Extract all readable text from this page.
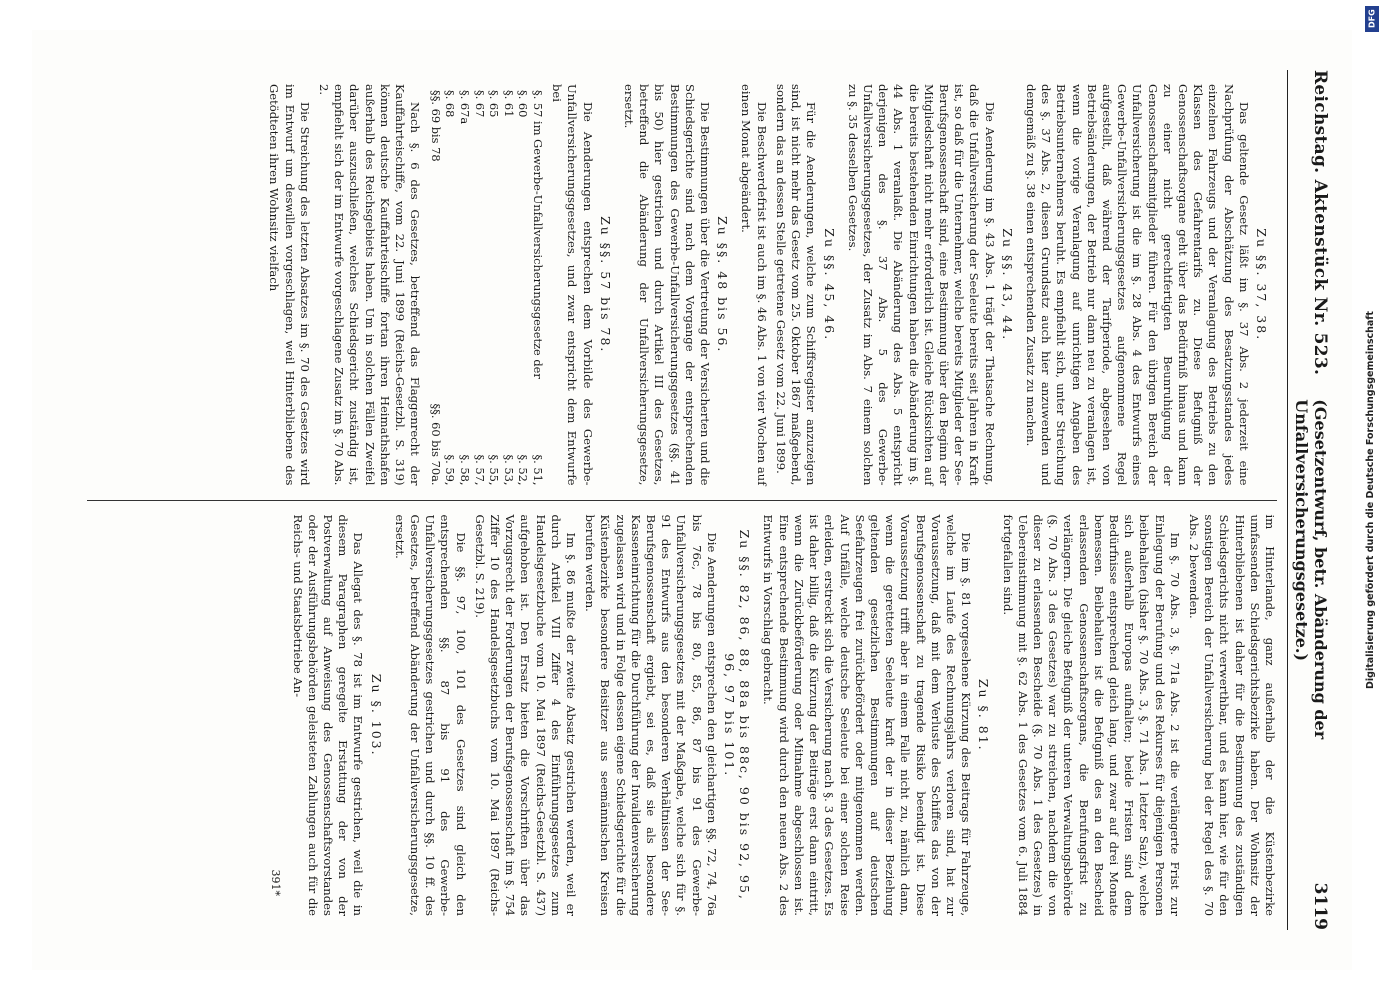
DFG
Digitalisierung gefördert durch die Deutsche Forschungsgemeinschaft
Reichstag. Aktenstück Nr. 523.
(Gesetzentwurf, betr. Abänderung der Unfallversicherungsgesetze.)
3119
Zu §§. 37, 38.

Das geltende Gesetz läßt im §. 37 Abs. 2 jederzeit eine Nachprüfung der Abschätzung des Besatzungsstandes jedes einzelnen Fahrzeugs und der Veranlagung des Betriebs zu den Klassen des Gefahrentarifs zu. Diese Befugniß der Genossenschaftsorgane geht über das Bedürfniß hinaus und kann zu einer nicht gerechtfertigten Beunruhigung der Genossenschaftsmitglieder führen. Für den übrigen Bereich der Unfallversicherung ist die im §. 28 Abs. 4 des Entwurfs eines Gewerbe-Unfallversicherungsgesetzes aufgenommene Regel aufgestellt, daß während der Tarifperiode, abgesehen von Betriebsänderungen, der Betrieb nur dann neu zu veranlagen ist, wenn die vorige Veranlagung auf unrichtigen Angaben des Betriebsunternehmers beruht. Es empfiehlt sich, unter Streichung des §. 37 Abs. 2, diesen Grundsatz auch hier anzuwenden und demgemäß zu §. 38 einen entsprechenden Zusatz zu machen.

Zu §§. 43, 44.

Die Aenderung im §. 43 Abs. 1 trägt der Thatsache Rechnung, daß die Unfallversicherung der Seeleute bereits seit Jahren in Kraft ist, so daß für die Unternehmer, welche bereits Mitglieder der See-Berufsgenossenschaft sind, eine Bestimmung über den Beginn der Mitgliedschaft nicht mehr erforderlich ist. Gleiche Rücksichten auf die bereits bestehenden Einrichtungen haben die Abänderung im §. 44 Abs. 1 veranlaßt. Die Abänderung des Abs. 5 entspricht derjenigen des §. 37 Abs. 5 des Gewerbe-Unfallversicherungsgesetzes, der Zusatz im Abs. 7 einem solchen zu §. 35 desselben Gesetzes.

Zu §§. 45, 46.

Für die Aenderungen, welche zum Schiffsregister anzuzeigen sind, ist nicht mehr das Gesetz vom 25. Oktober 1867 maßgebend, sondern das an dessen Stelle getretene Gesetz vom 22. Juni 1899.

Die Beschwerdefrist ist auch im §. 46 Abs. 1 von vier Wochen auf einen Monat abgeändert.

Zu §§. 48 bis 56.

Die Bestimmungen über die Vertretung der Versicherten und die Schiedsgerichte sind nach dem Vorgange der entsprechenden Bestimmungen des Gewerbe-Unfallversicherungsgesetzes (§§. 41 bis 50) hier gestrichen und durch Artikel III des Gesetzes, betreffend die Abänderung der Unfallversicherungsgesetze, ersetzt.

Zu §§. 57 bis 78.

Die Aenderungen entsprechen dem Vorbilde des Gewerbe-Unfallversicherungsgesetzes, und zwar entspricht dem Entwurfe bei

§. 57 im Gewerbe-Unfallversicherungsgesetze der
§. 51,
§. 60
§. 52,
§. 61
§. 53,
§. 65
§. 55,
§. 67
§. 57,
§. 67a
§. 58,
§. 68
§. 59,
§§. 69 bis 78
§§. 60 bis 70a.

Nach §. 6 des Gesetzes, betreffend das Flaggenrecht der Kauffahrteischiffe, vom 22. Juni 1899 (Reichs-Gesetzbl. S. 319) können deutsche Kauffahrteischiffe fortan ihren Heimathshafen außerhalb des Reichsgebiets haben. Um in solchen Fällen Zweifel darüber auszuschließen, welches Schiedsgericht zuständig ist, empfiehlt sich der im Entwurfe vorgeschlagene Zusatz im §. 70 Abs. 2.

Die Streichung des letzten Absatzes im §. 70 des Gesetzes wird im Entwurf um deswillen vorgeschlagen, weil Hinterbliebene des Getödteten ihren Wohnsitz vielfach

im Hinterlande, ganz außerhalb der die Küstenbezirke umfassenden Schiedsgerichtsbezirke haben. Der Wohnsitz der Hinterbliebenen ist daher für die Bestimmung des zuständigen Schiedsgerichts nicht verwerthbar, und es kann hier, wie für den sonstigen Bereich der Unfallversicherung bei der Regel des §. 70 Abs. 2 bewenden.

Im §. 70 Abs. 3, §. 71a Abs. 2 ist die verlängerte Frist zur Einlegung der Berufung und des Rekurses für diejenigen Personen beibehalten (bisher §. 70 Abs. 3, §. 71 Abs. 1 letzter Satz), welche sich außerhalb Europas aufhalten; beide Fristen sind dem Bedürfnisse entsprechend gleich lang, und zwar auf drei Monate bemessen. Beibehalten ist die Befugniß des an den Bescheid erlassenden Genossenschaftsorgans, die Berufungsfrist zu verlängern. Die gleiche Befugniß der unteren Verwaltungsbehörde (§. 70 Abs. 3 des Gesetzes) war zu streichen, nachdem die von dieser zu erlassenden Bescheide (§. 70 Abs. 1 des Gesetzes) in Uebereinstimmung mit §. 62 Abs. 1 des Gesetzes vom 6. Juli 1884 fortgefallen sind.

Zu §. 81.

Die im §. 81 vorgesehene Kürzung des Beitrags für Fahrzeuge, welche im Laufe des Rechnungsjahrs verloren sind, hat zur Voraussetzung, daß mit dem Verluste des Schiffes das von der Berufsgenossenschaft zu tragende Risiko beendigt ist. Diese Voraussetzung trifft aber in einem Falle nicht zu, nämlich dann, wenn die geretteten Seeleute kraft der in dieser Beziehung geltenden gesetzlichen Bestimmungen auf deutschen Seefahrzeugen frei zurückbefördert oder mitgenommen werden. Auf Unfälle, welche deutsche Seeleute bei einer solchen Reise erleiden, erstreckt sich die Versicherung nach §. 3 des Gesetzes. Es ist daher billig, daß die Kürzung der Beiträge erst dann eintritt, wenn die Zurückbeförderung oder Mitnahme abgeschlossen ist. Eine entsprechende Bestimmung wird durch den neuen Abs. 2 des Entwurfs in Vorschlag gebracht.

Zu §§. 82, 86, 88, 88a bis 88c, 90 bis 92, 95, 96, 97 bis 101.

Die Aenderungen entsprechen den gleichartigen §§. 72, 74, 76a bis 76c, 78 bis 80, 85, 86, 87 bis 91 des Gewerbe-Unfallversicherungsgesetzes mit der Maßgabe, welche sich für §. 91 des Entwurfs aus den besonderen Verhältnissen der See-Berufsgenossenschaft ergiebt, sei es, daß sie als besondere Kasseneinrichtung für die Durchführung der Invalidenversicherung zugelassen wird und in Folge dessen eigene Schiedsgerichte für die Küstenbezirke besondere Beisitzer aus seemännischen Kreisen berufen werden.

Im §. 86 mußte der zweite Absatz gestrichen werden, weil er durch Artikel VIII Ziffer 4 des Einführungsgesetzes zum Handelsgesetzbuche vom 10. Mai 1897 (Reichs-Gesetzbl. S. 437) aufgehoben ist. Den Ersatz bieten die Vorschriften über das Vorzugsrecht der Forderungen der Berufsgenossenschaft im §. 754 Ziffer 10 des Handelsgesetzbuchs vom 10. Mai 1897 (Reichs-Gesetzbl. S. 219).

Die §§. 97, 100, 101 des Gesetzes sind gleich den entsprechenden §§. 87 bis 91 des Gewerbe-Unfallversicherungsgesetzes gestrichen und durch §§. 10 ff. des Gesetzes, betreffend Abänderung der Unfallversicherungsgesetze, ersetzt.

Zu §. 103.

Das Allegat des §. 78 ist im Entwurfe gestrichen, weil die in diesem Paragraphen geregelte Erstattung der von der Postverwaltung auf Anweisung des Genossenschaftsvorstandes oder der Ausführungsbehörden geleisteten Zahlungen auch für die Reichs- und Staatsbetriebe An-

391*
